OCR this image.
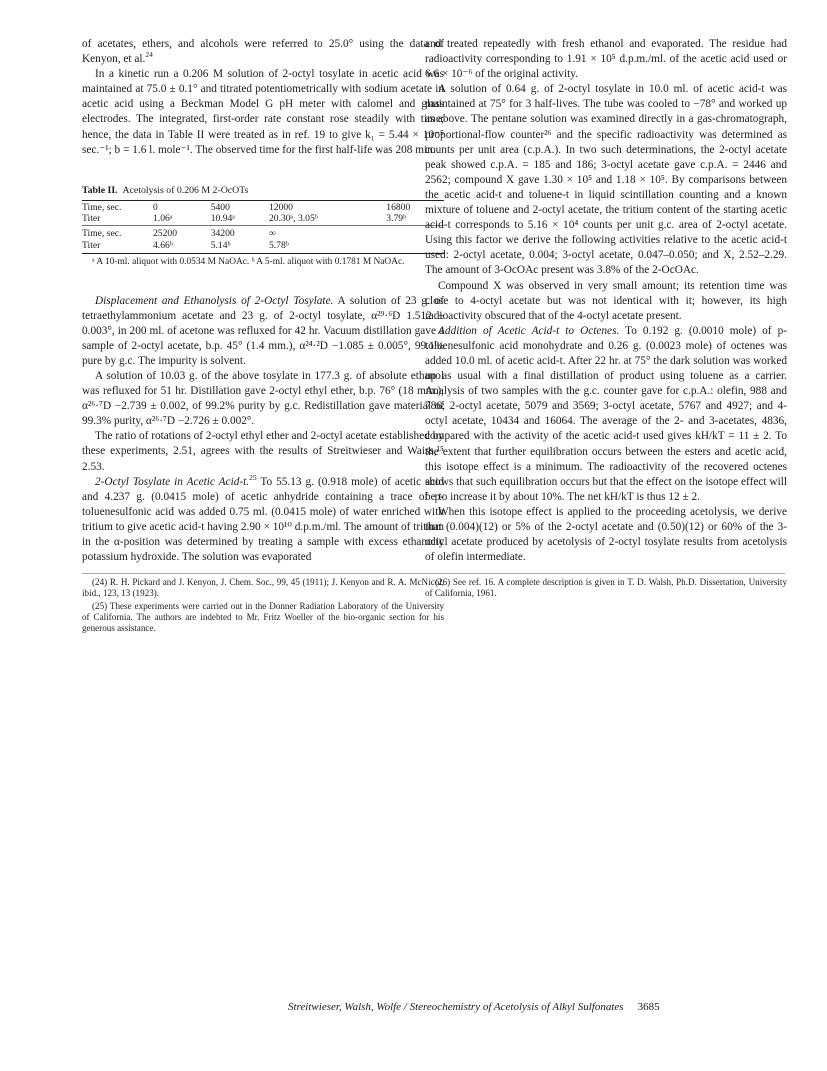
of acetates, ethers, and alcohols were referred to 25.0° using the data of Kenyon, et al.$^{24}$

In a kinetic run a 0.206 M solution of 2-octyl tosylate in acetic acid was maintained at 75.0 ± 0.1° and titrated potentiometrically with sodium acetate in acetic acid using a Beckman Model G pH meter with calomel and glass electrodes. The integrated, first-order rate constant rose steadily with time; hence, the data in Table II were treated as in ref. 19 to give k₁ = 5.44 × 10⁻⁵ sec.⁻¹; b = 1.6 l. mole⁻¹. The observed time for the first half-life was 208 min.

Table II. Acetolysis of 0.206 M 2-OcOTs
Time, sec.	0	5400	12000	16800
Titer	1.06ᵃ	10.94ᵃ	20.30ᵃ, 3.05ᵇ	3.79ᵇ
Time, sec.	25200	34200	∞	
Titer	4.66ᵇ	5.14ᵇ	5.78ᵇ	
ᵃ A 10-ml. aliquot with 0.0534 M NaOAc. ᵇ A 5-ml. aliquot with 0.1781 M NaOAc.

Displacement and Ethanolysis of 2-Octyl Tosylate. A solution of 23 g. of tetraethylammonium acetate and 23 g. of 2-octyl tosylate, α²⁹·⁶D 1.512 ± 0.003°, in 200 ml. of acetone was refluxed for 42 hr. Vacuum distillation gave a sample of 2-octyl acetate, b.p. 45° (1.4 mm.), α²⁴·²D −1.085 ± 0.005°, 99.1% pure by g.c. The impurity is solvent.

A solution of 10.03 g. of the above tosylate in 177.3 g. of absolute ethanol was refluxed for 51 hr. Distillation gave 2-octyl ethyl ether, b.p. 76° (18 mm.), α²⁶·⁷D −2.739 ± 0.002, of 99.2% purity by g.c. Redistillation gave material of 99.3% purity, α²⁶·⁷D −2.726 ± 0.002°.

The ratio of rotations of 2-octyl ethyl ether and 2-octyl acetate established by these experiments, 2.51, agrees with the results of Streitwieser and Waiss,¹⁵ 2.53.

2-Octyl Tosylate in Acetic Acid-t.$^{25}$ To 55.13 g. (0.918 mole) of acetic acid and 4.237 g. (0.0415 mole) of acetic anhydride containing a trace of p-toluenesulfonic acid was added 0.75 ml. (0.0415 mole) of water enriched with tritium to give acetic acid-t having 2.90 × 10¹⁰ d.p.m./ml. The amount of tritium in the α-position was determined by treating a sample with excess ethanolic potassium hydroxide. The solution was evaporated

(24) R. H. Pickard and J. Kenyon, J. Chem. Soc., 99, 45 (1911); J. Kenyon and R. A. McNicol, ibid., 123, 13 (1923).
(25) These experiments were carried out in the Donner Radiation Laboratory of the University of California. The authors are indebted to Mr. Fritz Woeller of the bio-organic section for his generous assistance.

and treated repeatedly with fresh ethanol and evaporated. The residue had radioactivity corresponding to 1.91 × 10⁵ d.p.m./ml. of the acetic acid used or 6.6 × 10⁻⁶ of the original activity.

A solution of 0.64 g. of 2-octyl tosylate in 10.0 ml. of acetic acid-t was maintained at 75° for 3 half-lives. The tube was cooled to −78° and worked up as above. The pentane solution was examined directly in a gas-chromatograph, proportional-flow counter²⁶ and the specific radioactivity was determined as counts per unit area (c.p.A.). In two such determinations, the 2-octyl acetate peak showed c.p.A. = 185 and 186; 3-octyl acetate gave c.p.A. = 2446 and 2562; compound X gave 1.30 × 10⁵ and 1.18 × 10⁵. By comparisons between the acetic acid-t and toluene-t in liquid scintillation counting and a known mixture of toluene and 2-octyl acetate, the tritium content of the starting acetic acid-t corresponds to 5.16 × 10⁴ counts per unit g.c. area of 2-octyl acetate. Using this factor we derive the following activities relative to the acetic acid-t used: 2-octyl acetate, 0.004; 3-octyl acetate, 0.047–0.050; and X, 2.52–2.29. The amount of 3-OcOAc present was 3.8% of the 2-OcOAc.

Compound X was observed in very small amount; its retention time was close to 4-octyl acetate but was not identical with it; however, its high radioactivity obscured that of the 4-octyl acetate present.

Addition of Acetic Acid-t to Octenes. To 0.192 g. (0.0010 mole) of p-toluenesulfonic acid monohydrate and 0.26 g. (0.0023 mole) of octenes was added 10.0 ml. of acetic acid-t. After 22 hr. at 75° the dark solution was worked up as usual with a final distillation of product using toluene as a carrier. Analysis of two samples with the g.c. counter gave for c.p.A.: olefin, 988 and 786; 2-octyl acetate, 5079 and 3569; 3-octyl acetate, 5767 and 4927; and 4-octyl acetate, 10434 and 16064. The average of the 2- and 3-acetates, 4836, compared with the activity of the acetic acid-t used gives kH/kT = 11 ± 2. To the extent that further equilibration occurs between the esters and acetic acid, this isotope effect is a minimum. The radioactivity of the recovered octenes shows that such equilibration occurs but that the effect on the isotope effect will be to increase it by about 10%. The net kH/kT is thus 12 ± 2.

When this isotope effect is applied to the proceeding acetolysis, we derive that (0.004)(12) or 5% of the 2-octyl acetate and (0.50)(12) or 60% of the 3-octyl acetate produced by acetolysis of 2-octyl tosylate results from acetolysis of olefin intermediate.

(26) See ref. 16. A complete description is given in T. D. Walsh, Ph.D. Dissertation, University of California, 1961.
Streitwieser, Walsh, Wolfe / Stereochemistry of Acetolysis of Alkyl Sulfonates 3685
